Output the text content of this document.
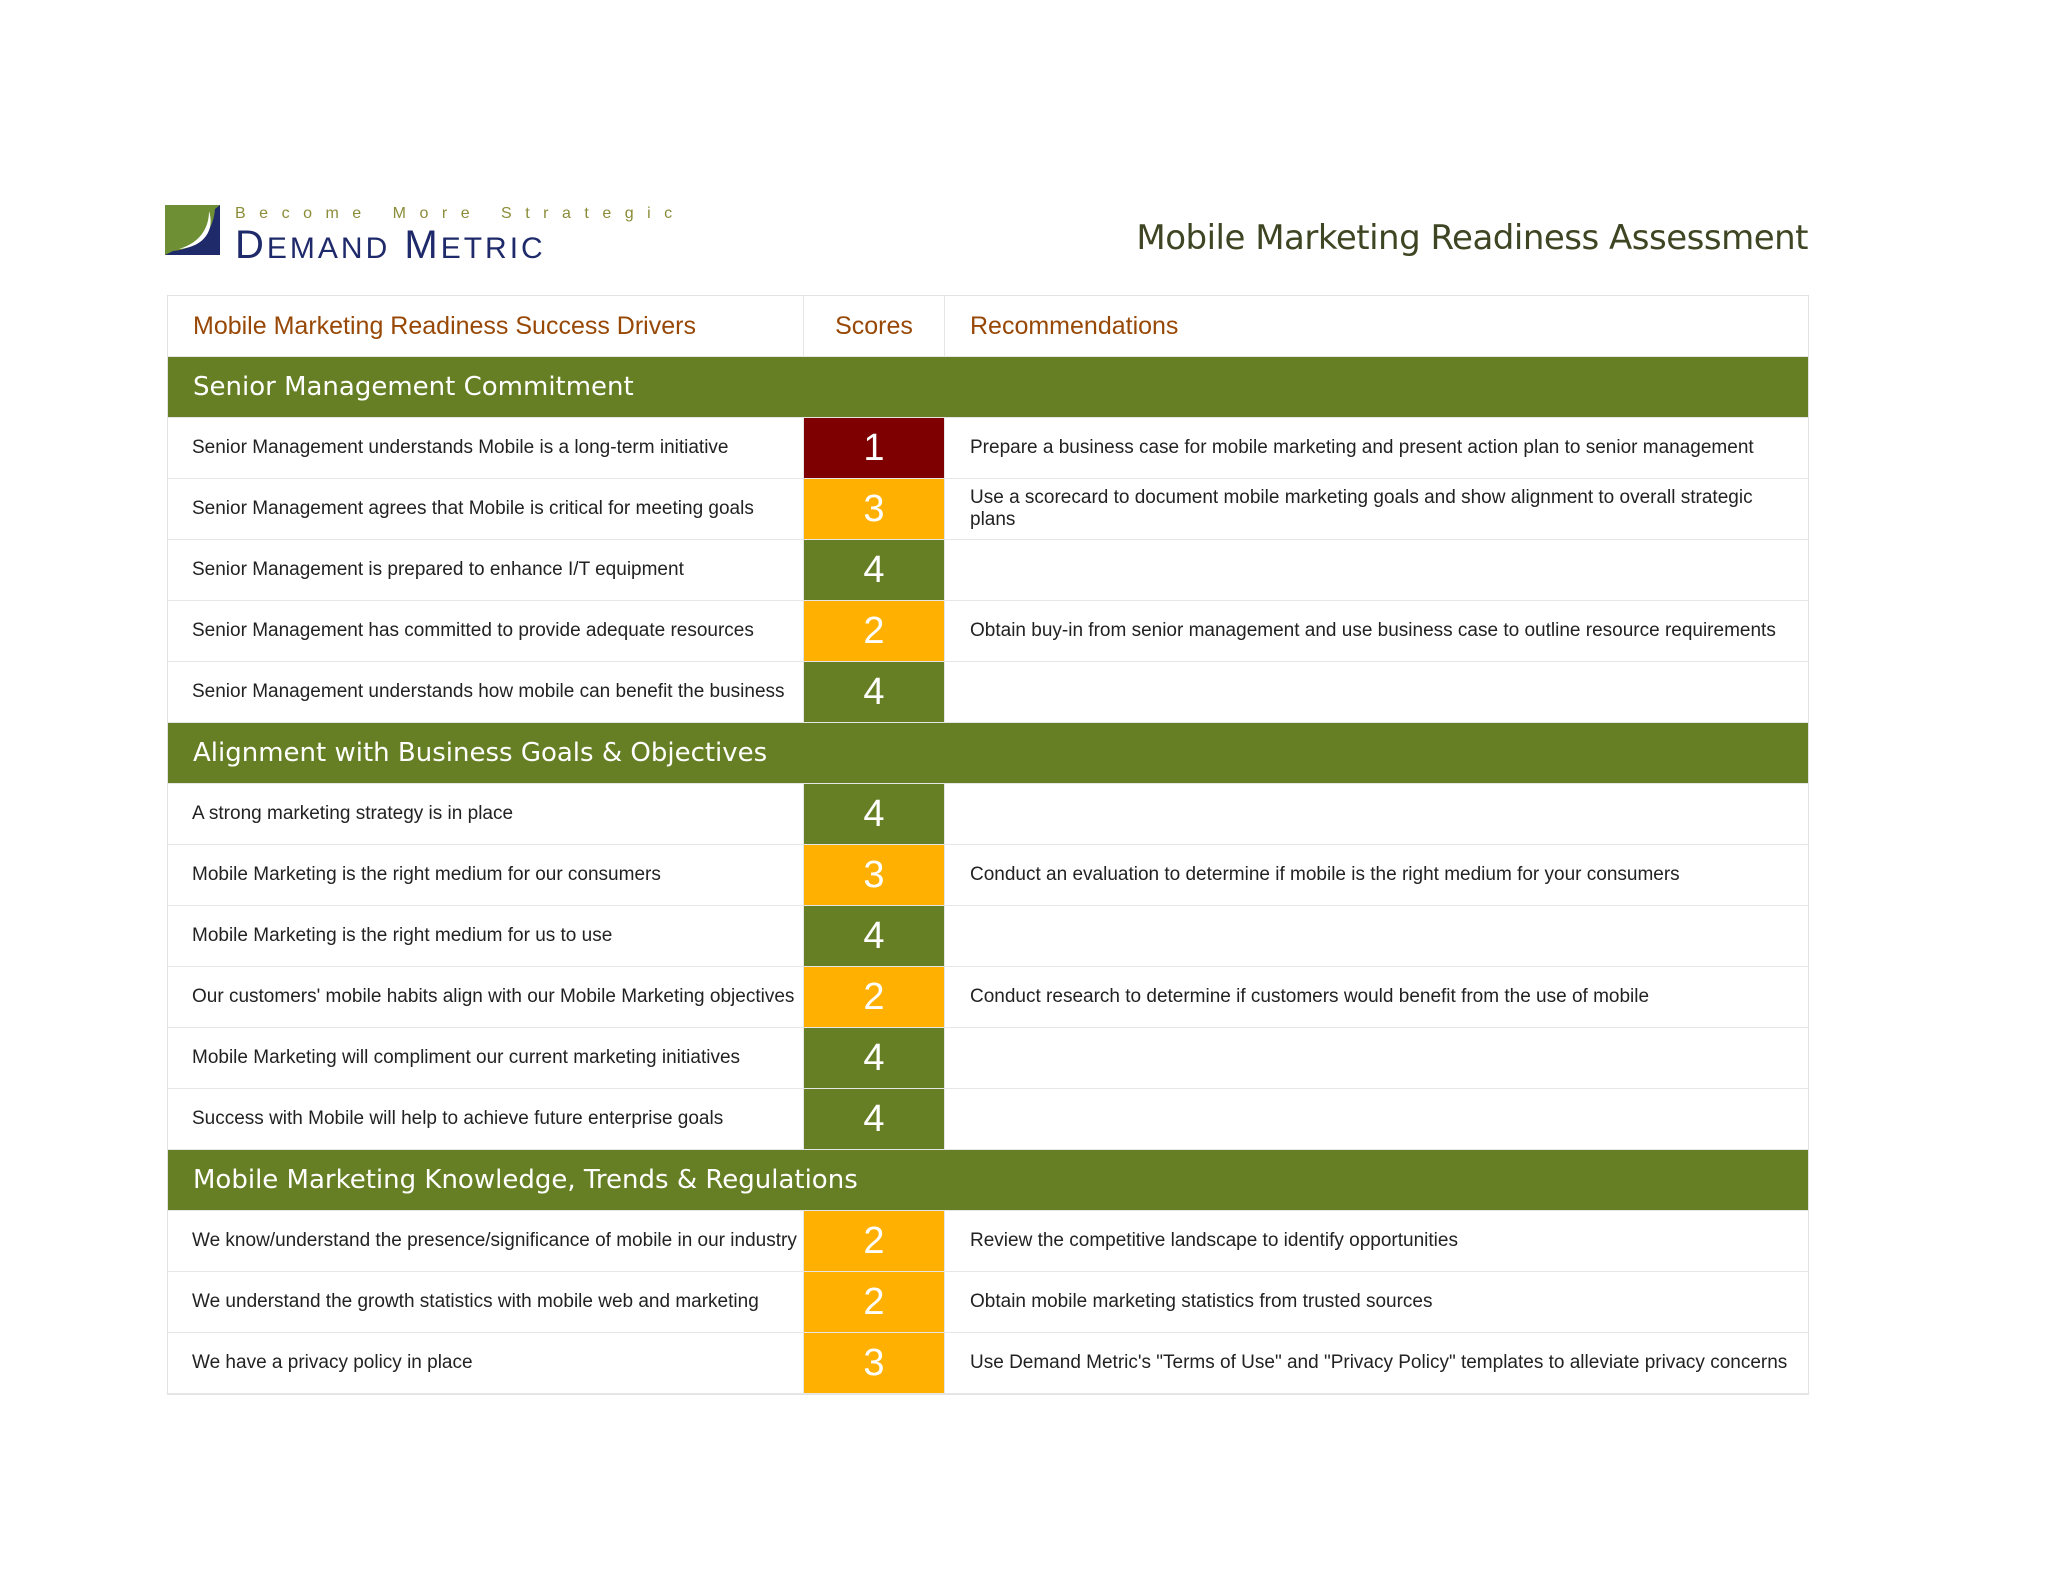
Become More Strategic
DEMAND METRIC	Mobile Marketing Readiness Assessment
Mobile Marketing Readiness Success Drivers	Scores	Recommendations
Senior Management Commitment
Senior Management understands Mobile is a long-term initiative	1	Prepare a business case for mobile marketing and present action plan to senior management
Senior Management agrees that Mobile is critical for meeting goals	3	Use a scorecard to document mobile marketing goals and show alignment to overall strategic plans
Senior Management is prepared to enhance I/T equipment	4
Senior Management has committed to provide adequate resources	2	Obtain buy-in from senior management and use business case to outline resource requirements
Senior Management understands how mobile can benefit the business	4
Alignment with Business Goals & Objectives
A strong marketing strategy is in place	4
Mobile Marketing is the right medium for our consumers	3	Conduct an evaluation to determine if mobile is the right medium for your consumers
Mobile Marketing is the right medium for us to use	4
Our customers' mobile habits align with our Mobile Marketing objectives	2	Conduct research to determine if customers would benefit from the use of mobile
Mobile Marketing will compliment our current marketing initiatives	4
Success with Mobile will help to achieve future enterprise goals	4
Mobile Marketing Knowledge, Trends & Regulations
We know/understand the presence/significance of mobile in our industry	2	Review the competitive landscape to identify opportunities
We understand the growth statistics with mobile web and marketing	2	Obtain mobile marketing statistics from trusted sources
We have a privacy policy in place	3	Use Demand Metric's "Terms of Use" and "Privacy Policy" templates to alleviate privacy concerns
